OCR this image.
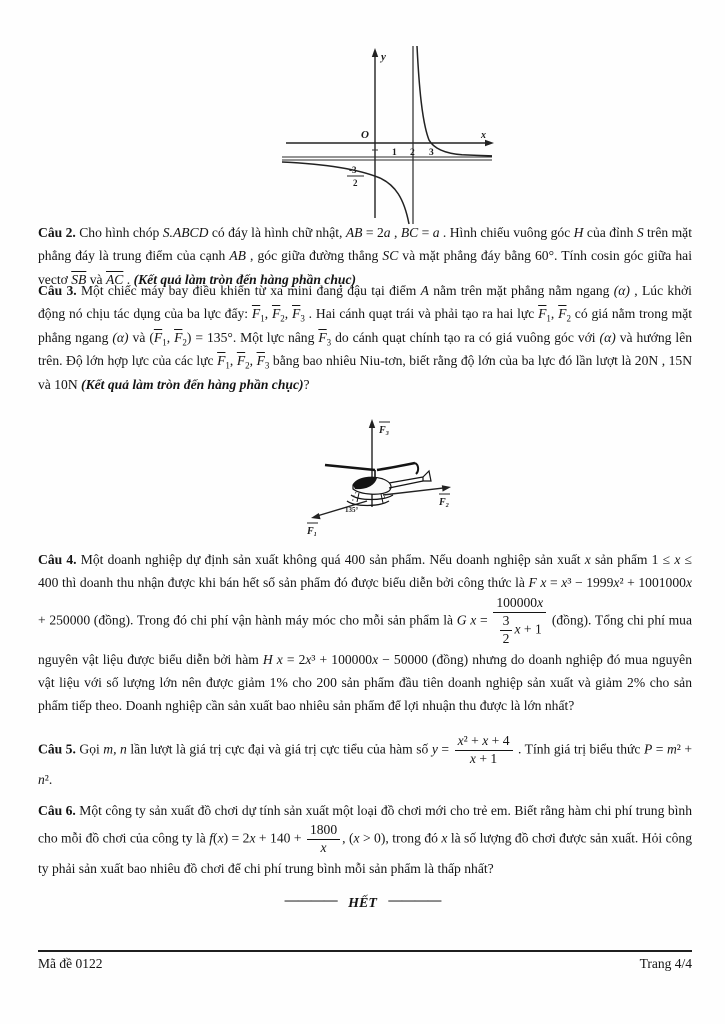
y
x
O
1 2 3
-3
2

Câu 2. Cho hình chóp S.ABCD có đáy là hình chữ nhật, AB = 2a , BC = a . Hình chiếu vuông góc H của đỉnh S trên mặt phẳng đáy là trung điểm của cạnh AB , góc giữa đường thẳng SC và mặt phẳng đáy bằng 60°. Tính cosin góc giữa hai vectơ $\overline{SB}$ và $\overline{AC}$ . (Kết quả làm tròn đến hàng phần chục)

Câu 3. Một chiếc máy bay điều khiển từ xa mini đang đậu tại điểm A nằm trên mặt phẳng nằm ngang (α) , Lúc khởi động nó chịu tác dụng của ba lực đẩy: $\overline{F}_1$, $\overline{F}_2$, $\overline{F}_3$ . Hai cánh quạt trái và phải tạo ra hai lực $\overline{F}_1$, $\overline{F}_2$ có giá nằm trong mặt phẳng ngang (α) và ($\overline{F}_1$, $\overline{F}_2) = 135^\circ$. Một lực nâng $\overline{F}_3$ do cánh quạt chính tạo ra có giá vuông góc với (α) và hướng lên trên. Độ lớn hợp lực của các lực $\overline{F}_1$, $\overline{F}_2$, $\overline{F}_3$ bằng bao nhiêu Niu-tơn, biết rằng độ lớn của ba lực đó lần lượt là 20N , 15N và 10N (Kết quả làm tròn đến hàng phần chục)?

F₃
F₂
F₁
135°

Câu 4. Một doanh nghiệp dự định sản xuất không quá 400 sản phẩm. Nếu doanh nghiệp sản xuất x sản phẩm 1 ≤ x ≤ 400 thì doanh thu nhận được khi bán hết số sản phẩm đó được biểu diễn bởi công thức là F x = x³ − 1999x² + 1001000x + 250000 (đồng). Trong đó chi phí vận hành máy móc cho mỗi sản phẩm là G $x = \frac{100000x}{\frac{3}{2} x + 1}$ (đồng). Tổng chi phí mua nguyên vật liệu được biểu diễn bởi hàm H x = 2x³ + 100000x − 50000 (đồng) nhưng do doanh nghiệp đó mua nguyên vật liệu với số lượng lớn nên được giảm 1% cho 200 sản phẩm đầu tiên doanh nghiệp sản xuất và giảm 2% cho sản phẩm tiếp theo. Doanh nghiệp cần sản xuất bao nhiêu sản phẩm để lợi nhuận thu được là lớn nhất?

Câu 5. Gọi m, n lần lượt là giá trị cực đại và giá trị cực tiểu của hàm số $y = \frac{\text{x² + x + 4}}{x + 1}$ . Tính giá trị biểu thức P = m² + n².

Câu 6. Một công ty sản xuất đồ chơi dự tính sản xuất một loại đồ chơi mới cho trẻ em. Biết rằng hàm chi phí trung bình cho mỗi đồ chơi của công ty là $f(x) = 2x + 140 + \frac{1800}{x}$ , (x > 0), trong đó x là số lượng đồ chơi được sản xuất. Hỏi công ty phải sản xuất bao nhiêu đồ chơi để chi phí trung bình mỗi sản phẩm là thấp nhất?

———— HẾT ————
Mã đề 0122	Trang 4/4
